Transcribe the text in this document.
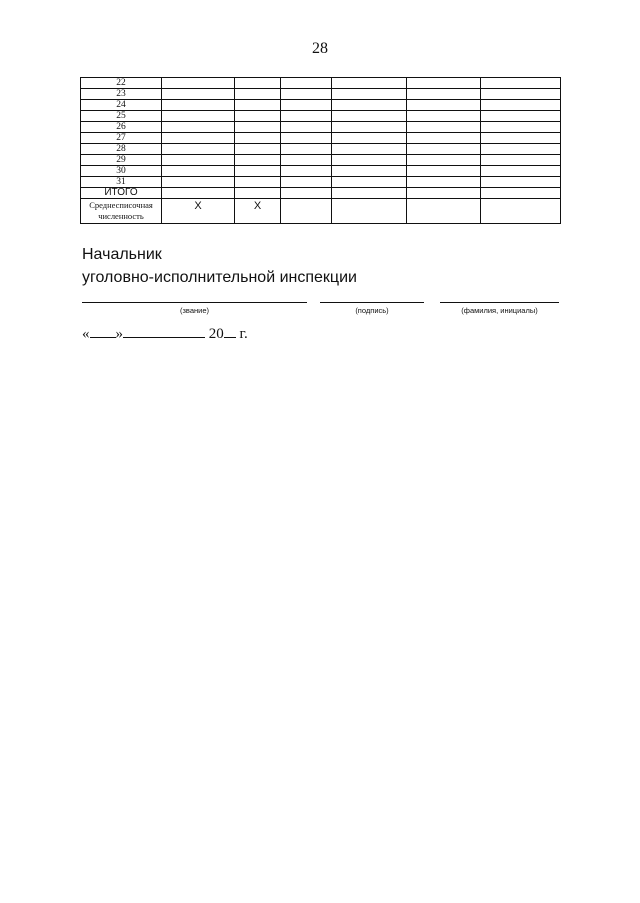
28
22						
23						
24						
25						
26						
27						
28						
29						
30						
31						
ИТОГО						
Среднесписочная численность	X	X				
Начальник
уголовно-исполнительной инспекции
(звание)	(подпись)	(фамилия, инициалы)
« »	20 г.
